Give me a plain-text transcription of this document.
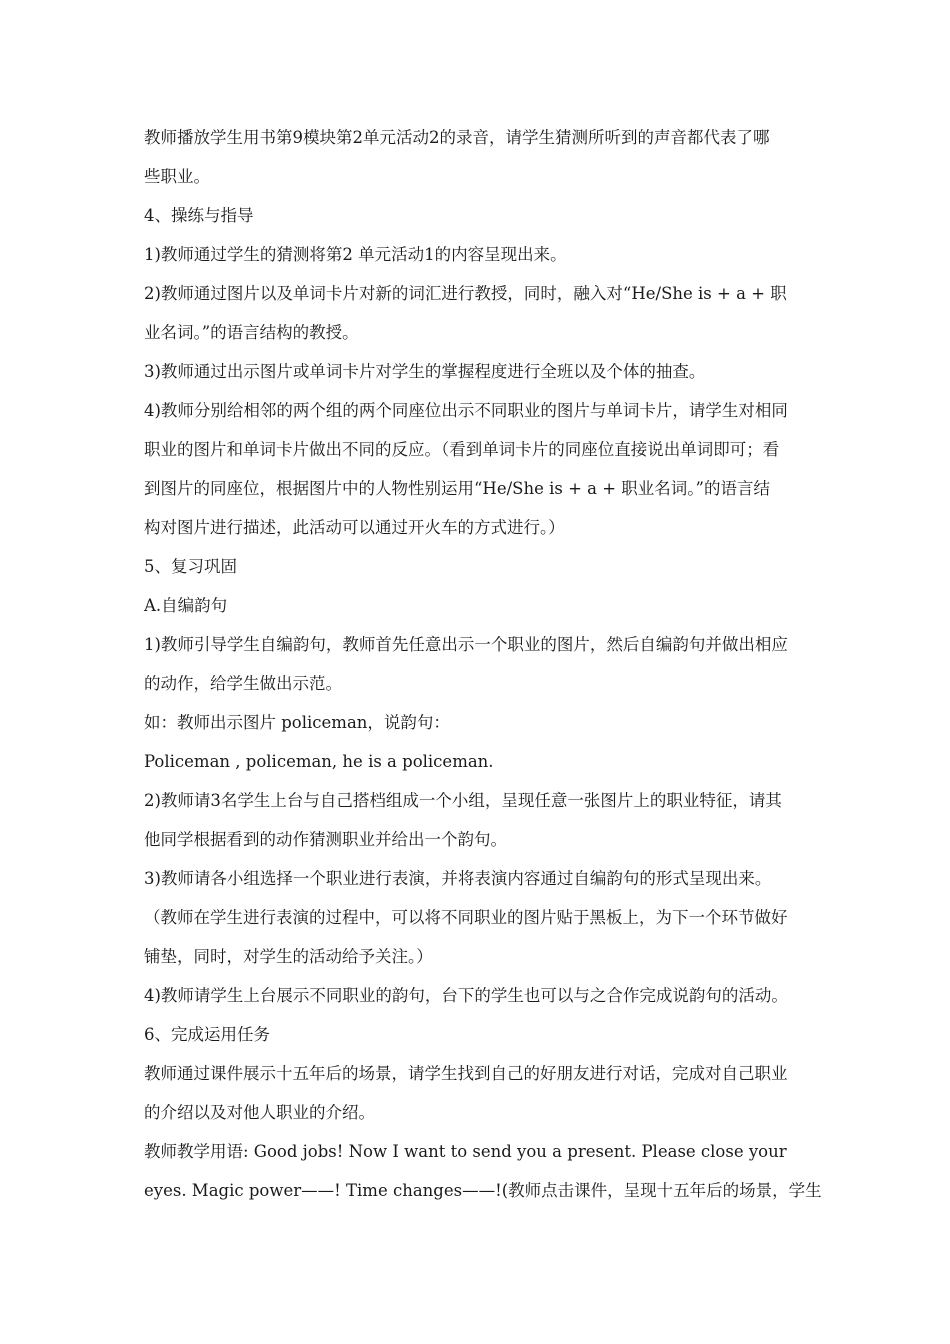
教师播放学生用书第9模块第2单元活动2的录音，请学生猜测所听到的声音都代表了哪
些职业。
4、操练与指导
1)教师通过学生的猜测将第2 单元活动1的内容呈现出来。
2)教师通过图片以及单词卡片对新的词汇进行教授，同时，融入对“He/She is + a + 职
业名词。”的语言结构的教授。
3)教师通过出示图片或单词卡片对学生的掌握程度进行全班以及个体的抽查。
4)教师分别给相邻的两个组的两个同座位出示不同职业的图片与单词卡片，请学生对相同
职业的图片和单词卡片做出不同的反应。（看到单词卡片的同座位直接说出单词即可；看
到图片的同座位，根据图片中的人物性别运用“He/She is + a + 职业名词。”的语言结
构对图片进行描述，此活动可以通过开火车的方式进行。）
5、复习巩固
A.自编韵句
1)教师引导学生自编韵句，教师首先任意出示一个职业的图片，然后自编韵句并做出相应
的动作，给学生做出示范。
如：教师出示图片 policeman，说韵句：
Policeman , policeman, he is a policeman.
2)教师请3名学生上台与自己搭档组成一个小组，呈现任意一张图片上的职业特征，请其
他同学根据看到的动作猜测职业并给出一个韵句。
3)教师请各小组选择一个职业进行表演，并将表演内容通过自编韵句的形式呈现出来。
（教师在学生进行表演的过程中，可以将不同职业的图片贴于黑板上，为下一个环节做好
铺垫，同时，对学生的活动给予关注。）
4)教师请学生上台展示不同职业的韵句，台下的学生也可以与之合作完成说韵句的活动。
6、完成运用任务
教师通过课件展示十五年后的场景，请学生找到自己的好朋友进行对话，完成对自己职业
的介绍以及对他人职业的介绍。
教师教学用语: Good jobs! Now I want to send you a present. Please close your
eyes. Magic power——! Time changes——!(教师点击课件，呈现十五年后的场景，学生
